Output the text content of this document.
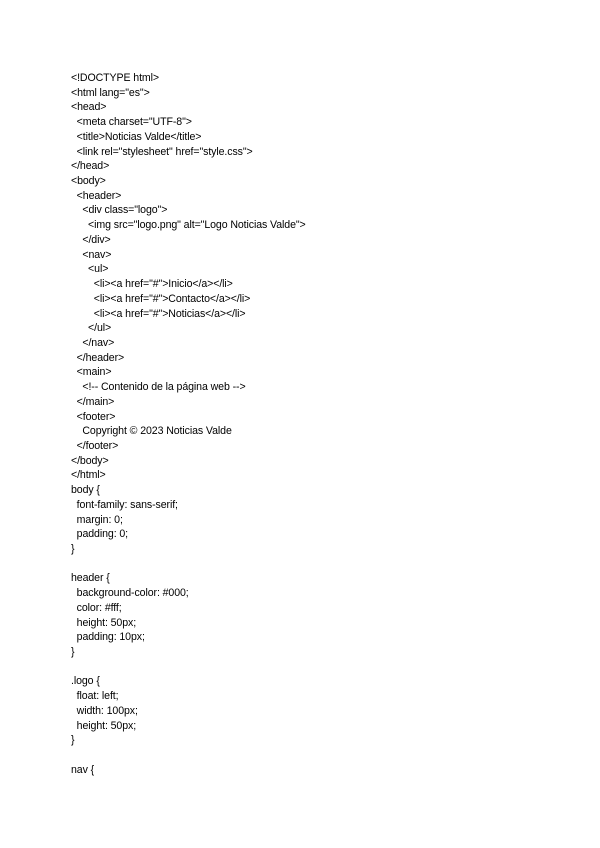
<!DOCTYPE html>
<html lang="es">
<head>
<meta charset="UTF-8">
<title>Noticias Valde</title>
<link rel="stylesheet" href="style.css">
</head>
<body>
<header>
<div class="logo">
<img src="logo.png" alt="Logo Noticias Valde">
</div>
<nav>
<ul>
<li><a href="#">Inicio</a></li>
<li><a href="#">Contacto</a></li>
<li><a href="#">Noticias</a></li>
</ul>
</nav>
</header>
<main>
<!-- Contenido de la página web -->
</main>
<footer>
Copyright © 2023 Noticias Valde
</footer>
</body>
</html>
body {
font-family: sans-serif;
margin: 0;
padding: 0;
}
header {
background-color: #000;
color: #fff;
height: 50px;
padding: 10px;
}
.logo {
float: left;
width: 100px;
height: 50px;
}
nav {
